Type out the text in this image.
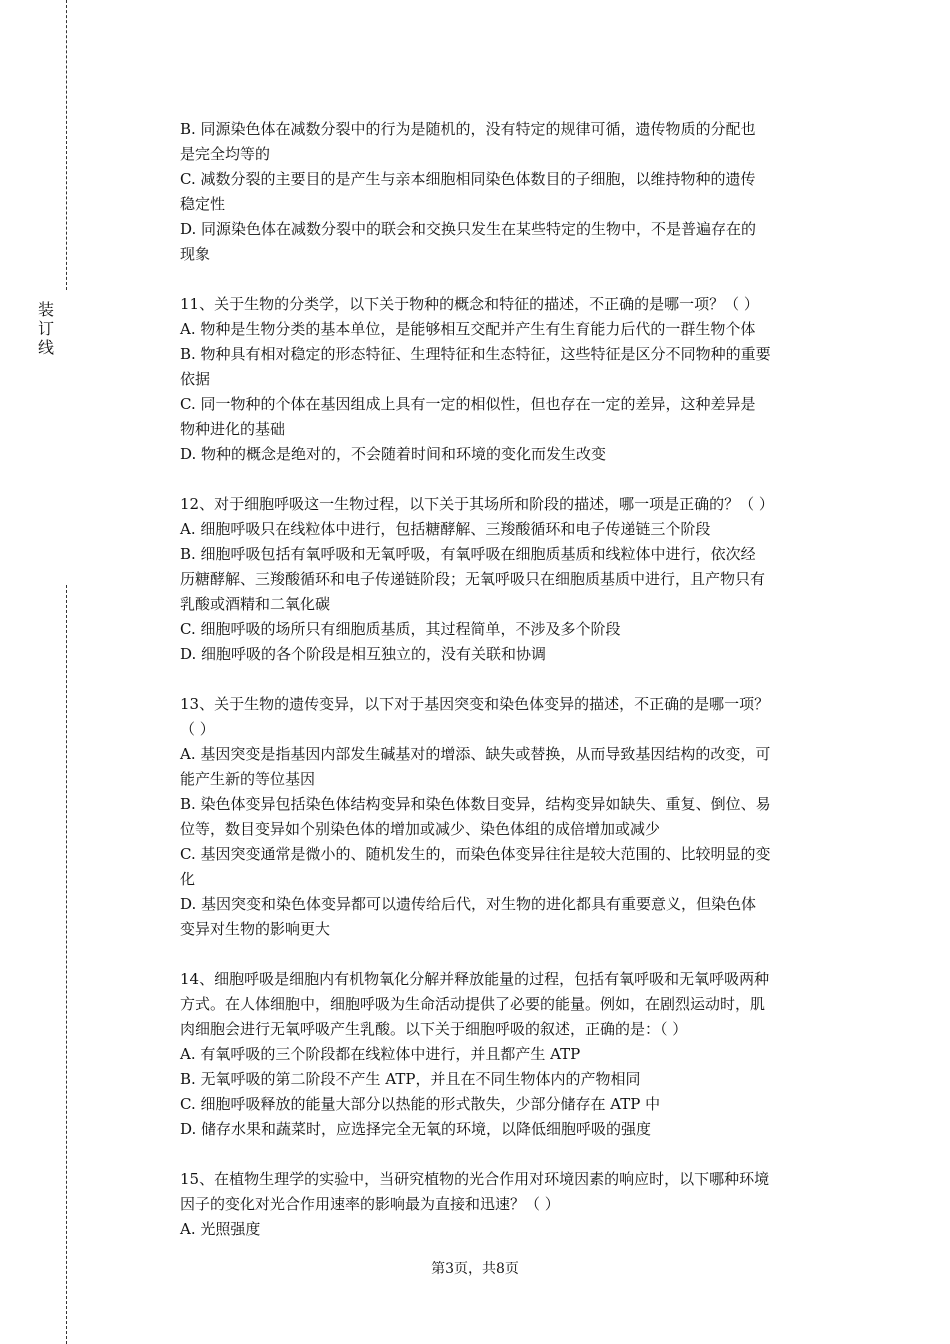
装
订
线
B. 同源染色体在减数分裂中的行为是随机的，没有特定的规律可循，遗传物质的分配也
是完全均等的
C. 减数分裂的主要目的是产生与亲本细胞相同染色体数目的子细胞，以维持物种的遗传
稳定性
D. 同源染色体在减数分裂中的联会和交换只发生在某些特定的生物中，不是普遍存在的
现象
11、关于生物的分类学，以下关于物种的概念和特征的描述，不正确的是哪一项？（ ）
A. 物种是生物分类的基本单位，是能够相互交配并产生有生育能力后代的一群生物个体
B. 物种具有相对稳定的形态特征、生理特征和生态特征，这些特征是区分不同物种的重要
依据
C. 同一物种的个体在基因组成上具有一定的相似性，但也存在一定的差异，这种差异是
物种进化的基础
D. 物种的概念是绝对的，不会随着时间和环境的变化而发生改变
12、对于细胞呼吸这一生物过程，以下关于其场所和阶段的描述，哪一项是正确的？（ ）
A. 细胞呼吸只在线粒体中进行，包括糖酵解、三羧酸循环和电子传递链三个阶段
B. 细胞呼吸包括有氧呼吸和无氧呼吸，有氧呼吸在细胞质基质和线粒体中进行，依次经
历糖酵解、三羧酸循环和电子传递链阶段；无氧呼吸只在细胞质基质中进行，且产物只有
乳酸或酒精和二氧化碳
C. 细胞呼吸的场所只有细胞质基质，其过程简单，不涉及多个阶段
D. 细胞呼吸的各个阶段是相互独立的，没有关联和协调
13、关于生物的遗传变异，以下对于基因突变和染色体变异的描述，不正确的是哪一项？
（ ）
A. 基因突变是指基因内部发生碱基对的增添、缺失或替换，从而导致基因结构的改变，可
能产生新的等位基因
B. 染色体变异包括染色体结构变异和染色体数目变异，结构变异如缺失、重复、倒位、易
位等，数目变异如个别染色体的增加或减少、染色体组的成倍增加或减少
C. 基因突变通常是微小的、随机发生的，而染色体变异往往是较大范围的、比较明显的变
化
D. 基因突变和染色体变异都可以遗传给后代，对生物的进化都具有重要意义，但染色体
变异对生物的影响更大
14、细胞呼吸是细胞内有机物氧化分解并释放能量的过程，包括有氧呼吸和无氧呼吸两种
方式。在人体细胞中，细胞呼吸为生命活动提供了必要的能量。例如，在剧烈运动时，肌
肉细胞会进行无氧呼吸产生乳酸。以下关于细胞呼吸的叙述，正确的是：（ ）
A. 有氧呼吸的三个阶段都在线粒体中进行，并且都产生 ATP
B. 无氧呼吸的第二阶段不产生 ATP，并且在不同生物体内的产物相同
C. 细胞呼吸释放的能量大部分以热能的形式散失，少部分储存在 ATP 中
D. 储存水果和蔬菜时，应选择完全无氧的环境，以降低细胞呼吸的强度
15、在植物生理学的实验中，当研究植物的光合作用对环境因素的响应时，以下哪种环境
因子的变化对光合作用速率的影响最为直接和迅速？（ ）
A. 光照强度
第3页，共8页
